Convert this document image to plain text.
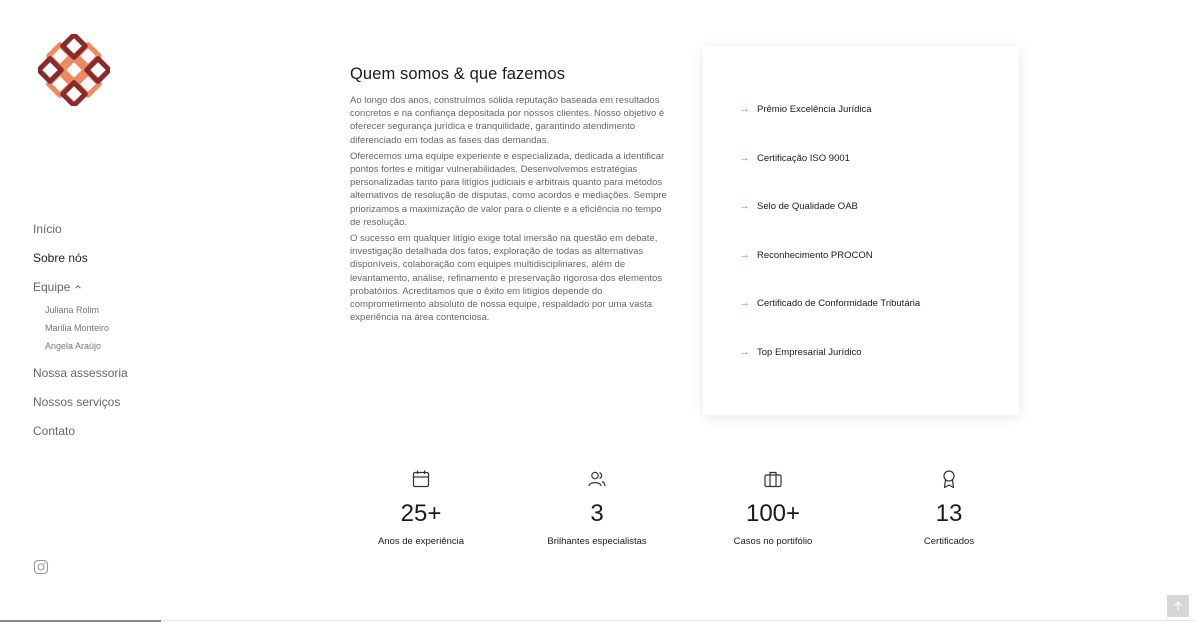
Início
Sobre nós
Equipe
Juliana Rolim
Marilia Monteiro
Angela Araújo
Nossa assessoria
Nossos serviços
Contato
Quem somos & que fazemos

Ao longo dos anos, construímos sólida reputação baseada em resultados concretos e na confiança depositada por nossos clientes. Nosso objetivo é oferecer segurança jurídica e tranquilidade, garantindo atendimento diferenciado em todas as fases das demandas.

Oferecemos uma equipe experiente e especializada, dedicada a identificar pontos fortes e mitigar vulnerabilidades. Desenvolvemos estratégias personalizadas tanto para litígios judiciais e arbitrais quanto para métodos alternativos de resolução de disputas, como acordos e mediações. Sempre priorizamos a maximização de valor para o cliente e a eficiência no tempo de resolução.

O sucesso em qualquer litígio exige total imersão na questão em debate, investigação detalhada dos fatos, exploração de todas as alternativas disponíveis, colaboração com equipes multidisciplinares, além de levantamento, análise, refinamento e preservação rigorosa dos elementos probatórios. Acreditamos que o êxito em litígios depende do comprometimento absoluto de nossa equipe, respaldado por uma vasta experiência na área contenciosa.

→ Prêmio Excelência Jurídica
→ Certificação ISO 9001
→ Selo de Qualidade OAB
→ Reconhecimento PROCON
→ Certificado de Conformidade Tributária
→ Top Empresarial Jurídico
25+
Anos de experiência
3
Brilhantes especialistas
100+
Casos no portifólio
13
Certificados
